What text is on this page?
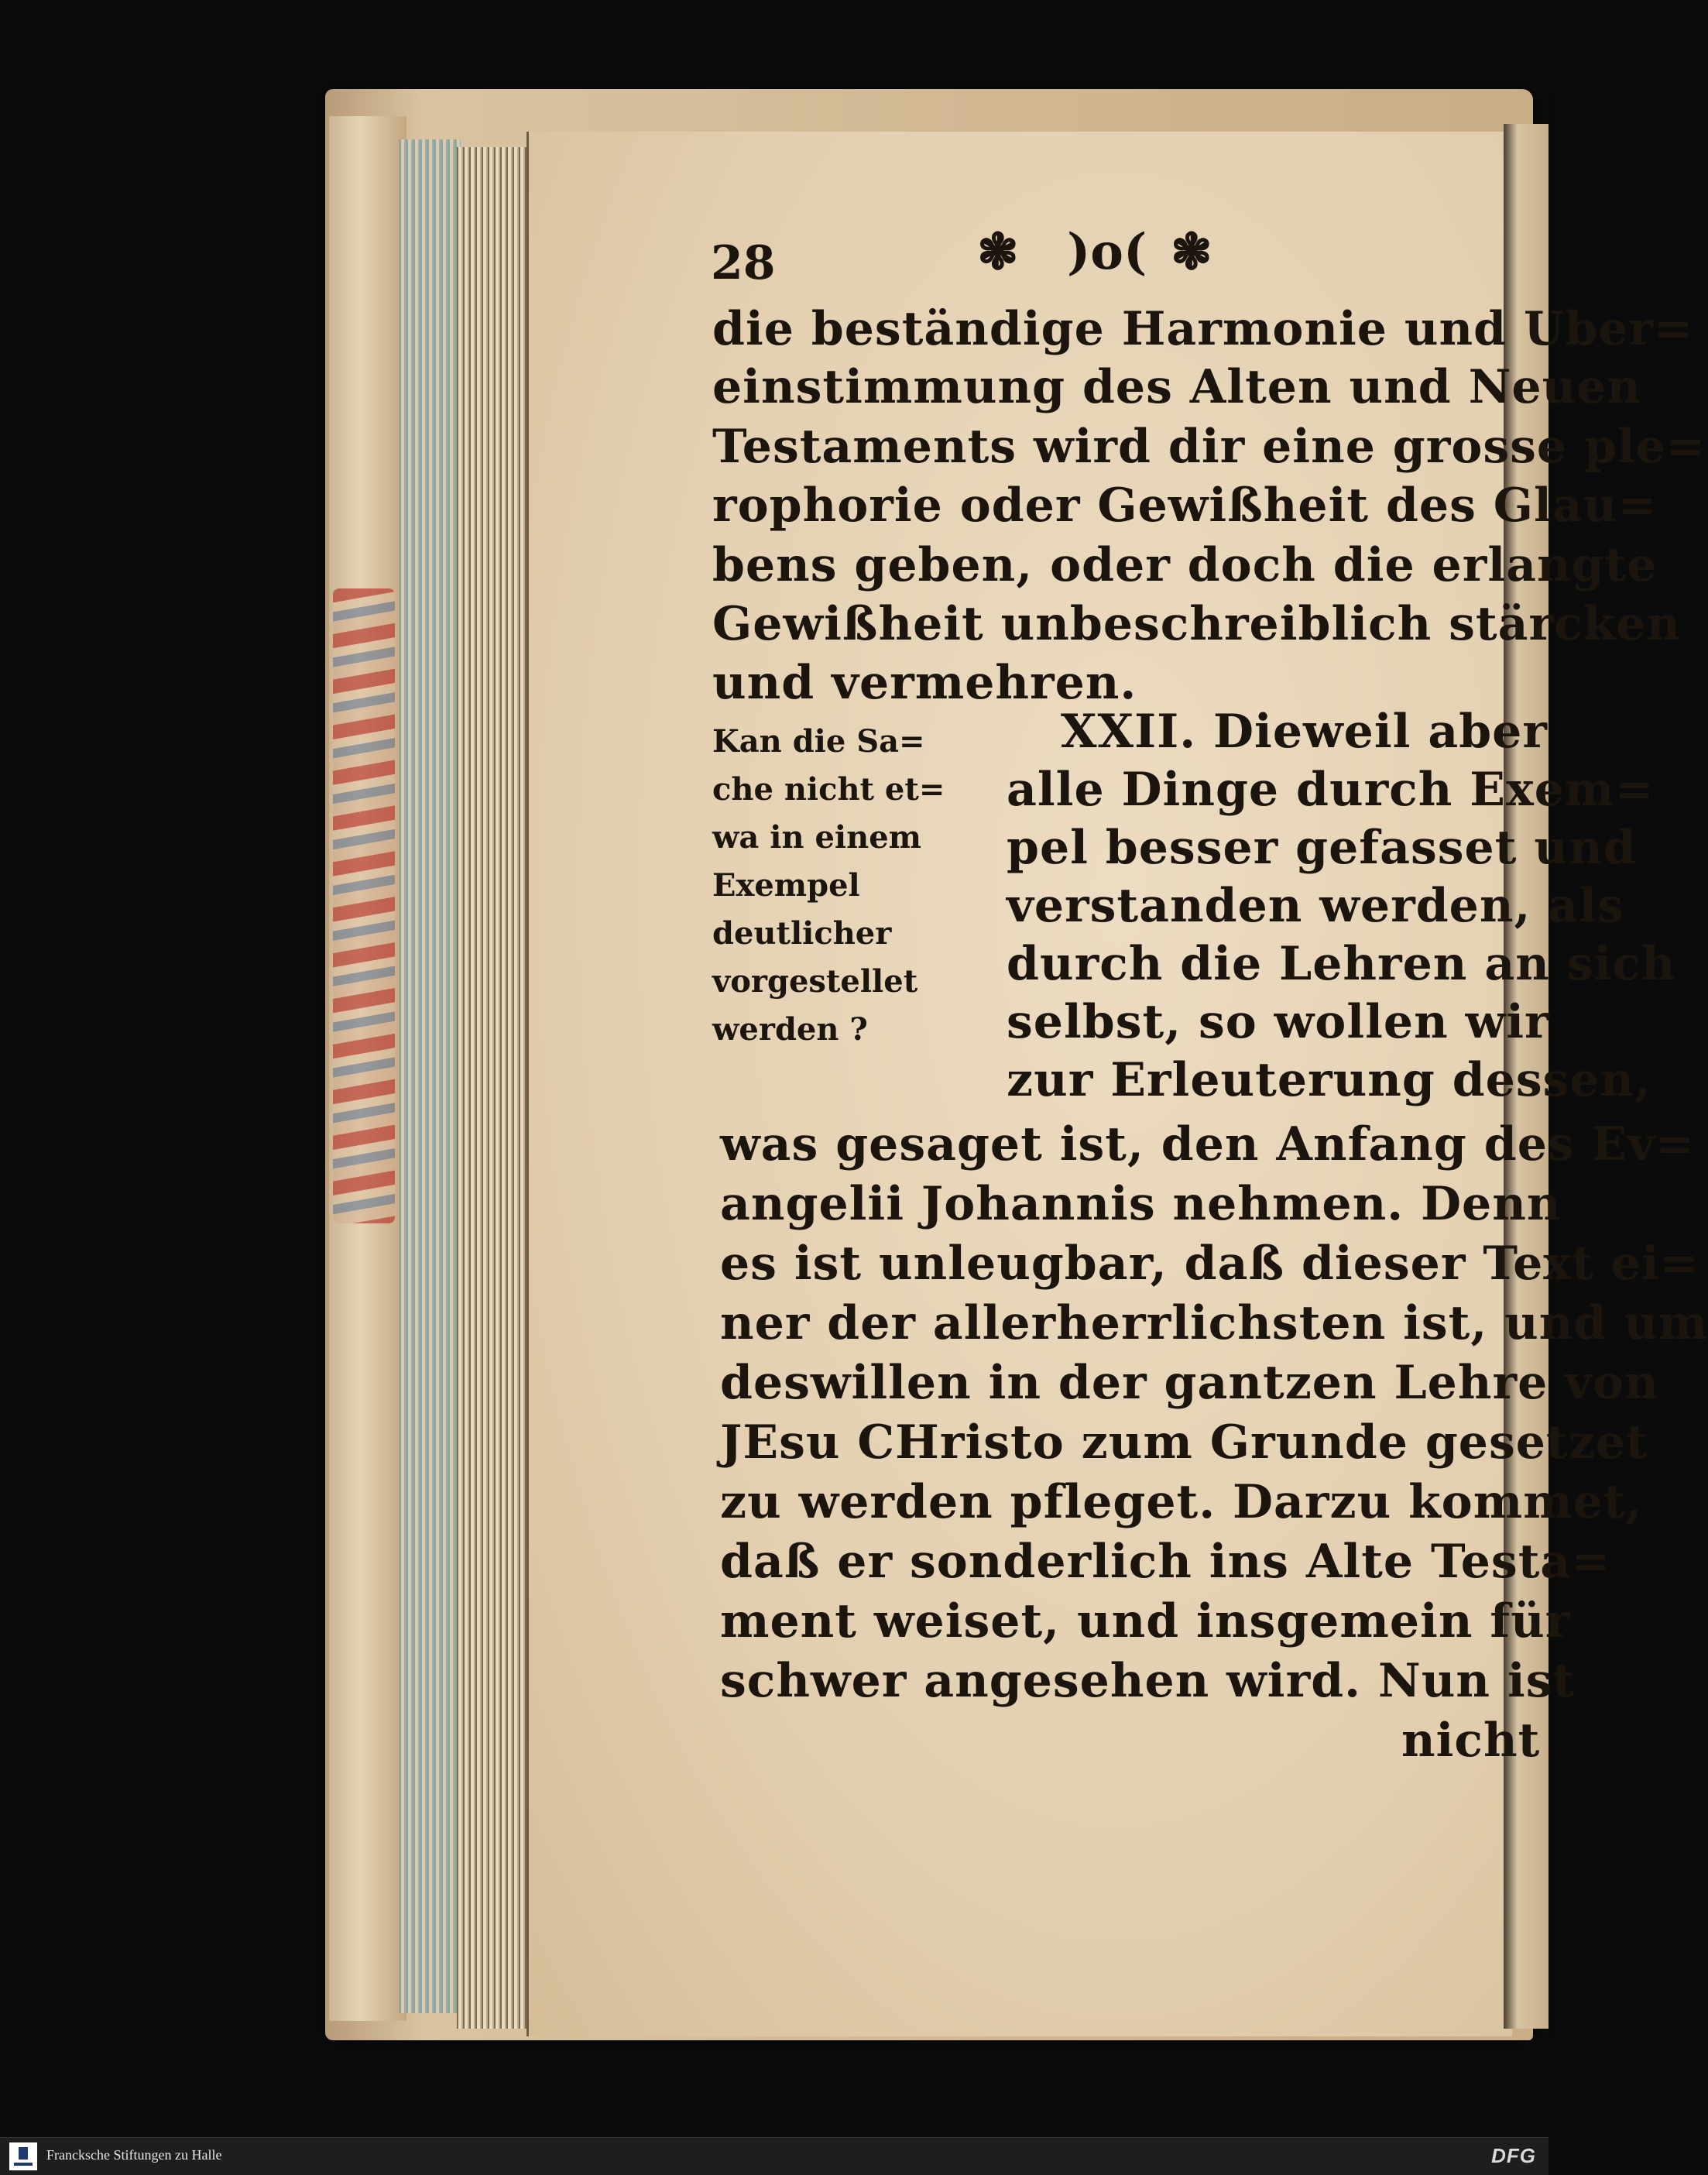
28	❃ )o( ❃
die beständige Harmonie und Uber=
einstimmung des Alten und Neuen
Testaments wird dir eine grosse ple=
rophorie oder Gewißheit des Glau=
bens geben, oder doch die erlangte
Gewißheit unbeschreiblich stärcken
und vermehren.
XXII. Dieweil aber
alle Dinge durch Exem=
pel besser gefasset und
verstanden werden, als
durch die Lehren an sich
selbst, so wollen wir
zur Erleuterung dessen,
was gesaget ist, den Anfang des Ev=
angelii Johannis nehmen. Denn
es ist unleugbar, daß dieser Text ei=
ner der allerherrlichsten ist, und um
deswillen in der gantzen Lehre von
JEsu CHristo zum Grunde gesetzet
zu werden pfleget. Darzu kommet,
daß er sonderlich ins Alte Testa=
ment weiset, und insgemein für
schwer angesehen wird. Nun ist
nicht
Kan die Sa=
che nicht et=
wa in einem
Exempel
deutlicher
vorgestellet
werden ?
Francksche Stiftungen zu Halle	DFG
